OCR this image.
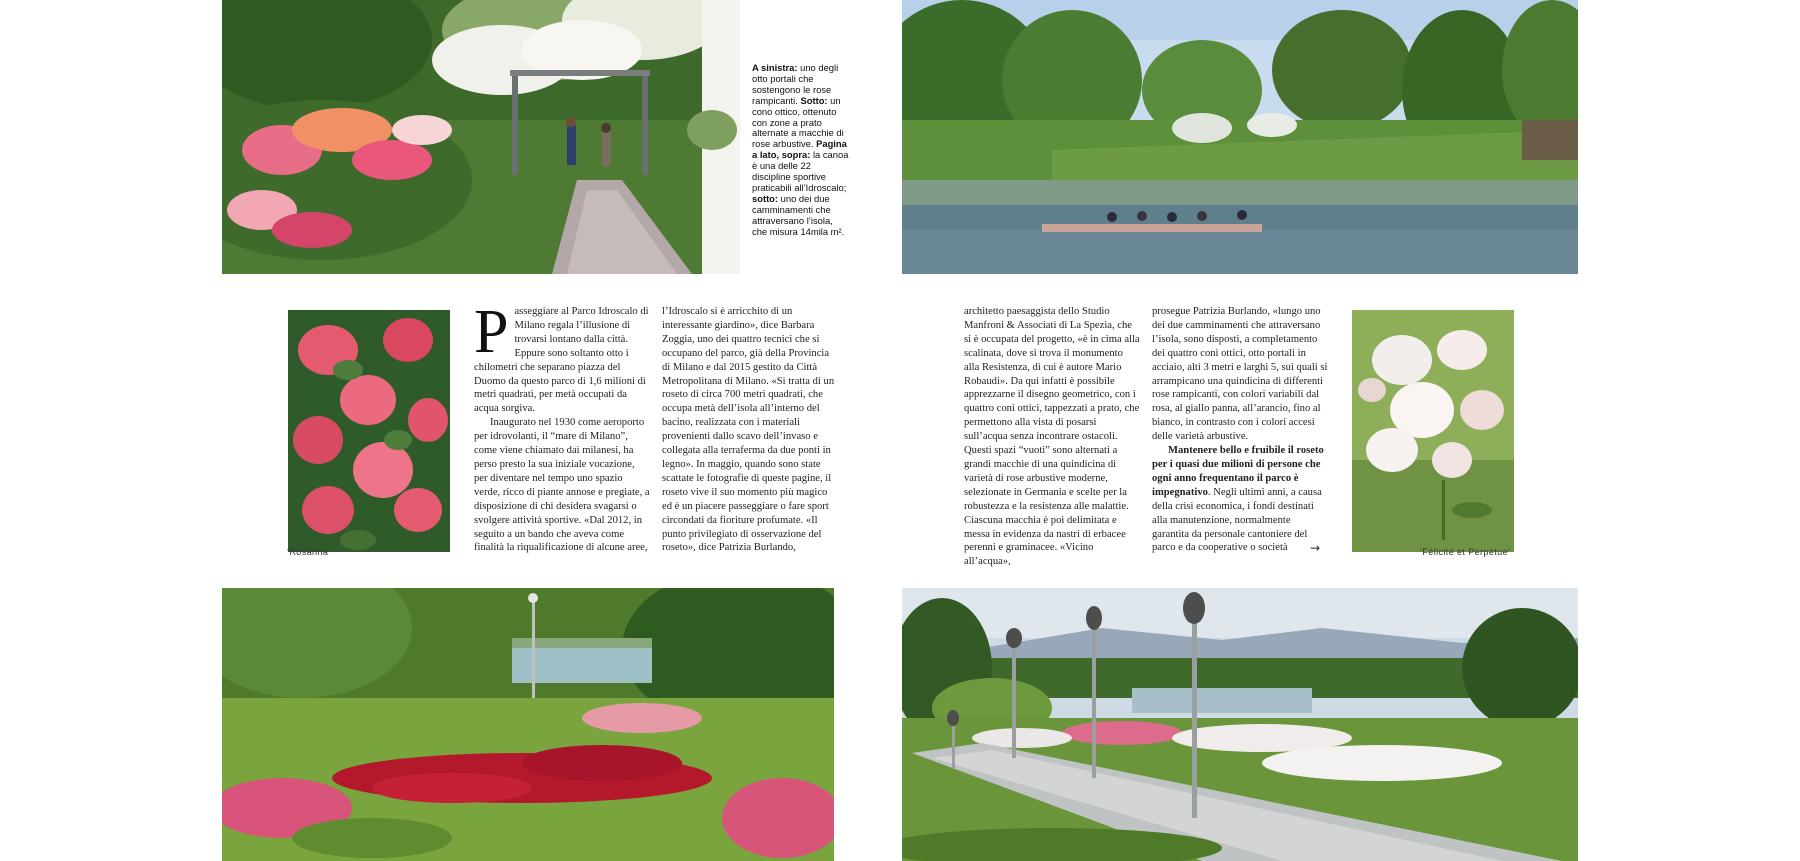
A sinistra: uno degli otto portali che sostengono le rose rampicanti. Sotto: un cono ottico, ottenuto con zone a prato alternate a macchie di rose arbustive. Pagina a lato, sopra: la canoa è una delle 22 discipline sportive praticabili all’Idroscalo; sotto: uno dei due camminamenti che attraversano l’isola, che misura 14mila m².
‘Rosanna’

Passeggiare al Parco Idroscalo di Milano regala l’illusione di trovarsi lontano dalla città. Eppure sono soltanto otto i chilometri che separano piazza del Duomo da questo parco di 1,6 milioni di metri quadrati, per metà occupati da acqua sorgiva.

Inaugurato nel 1930 come aeroporto per idrovolanti, il “mare di Milano”, come viene chiamato dai milanesi, ha perso presto la sua iniziale vocazione, per diventare nel tempo uno spazio verde, ricco di piante annose e pregiate, a disposizione di chi desidera svagarsi o svolgere attività sportive. «Dal 2012, in seguito a un bando che aveva come finalità la riqualificazione di alcune aree,

l’Idroscalo si è arricchito di un interessante giardino», dice Barbara Zoggia, uno dei quattro tecnici che si occupano del parco, già della Provincia di Milano e dal 2015 gestito da Città Metropolitana di Milano. «Si tratta di un roseto di circa 700 metri quadrati, che occupa metà dell’isola all’interno del bacino, realizzata con i materiali provenienti dallo scavo dell’invaso e collegata alla terraferma da due ponti in legno». In maggio, quando sono state scattate le fotografie di queste pagine, il roseto vive il suo momento più magico ed è un piacere passeggiare o fare sport circondati da fioriture profumate. «Il punto privilegiato di osservazione del roseto», dice Patrizia Burlando,

architetto paesaggista dello Studio Manfroni & Associati di La Spezia, che si è occupata del progetto, «è in cima alla scalinata, dove si trova il monumento alla Resistenza, di cui è autore Mario Robaudi». Da qui infatti è possibile apprezzarne il disegno geometrico, con i quattro coni ottici, tappezzati a prato, che permettono alla vista di posarsi sull’acqua senza incontrare ostacoli. Questi spazi “vuoti” sono alternati a grandi macchie di una quindicina di varietà di rose arbustive moderne, selezionate in Germania e scelte per la robustezza e la resistenza alle malattie. Ciascuna macchia è poi delimitata e messa in evidenza da nastri di erbacee perenni e graminacee. «Vicino all’acqua»,

prosegue Patrizia Burlando, «lungo uno dei due camminamenti che attraversano l’isola, sono disposti, a completamento dei quattro coni ottici, otto portali in acciaio, alti 3 metri e larghi 5, sui quali si arrampicano una quindicina di differenti rose rampicanti, con colori variabili dal rosa, al giallo panna, all’arancio, fino al bianco, in contrasto con i colori accesi delle varietà arbustive.

Mantenere bello e fruibile il roseto per i quasi due milioni di persone che ogni anno frequentano il parco è impegnativo. Negli ultimi anni, a causa della crisi economica, i fondi destinati alla manutenzione, normalmente garantita da personale cantoniere del parco e da cooperative o società	→	‘Félicité et Perpétue’
